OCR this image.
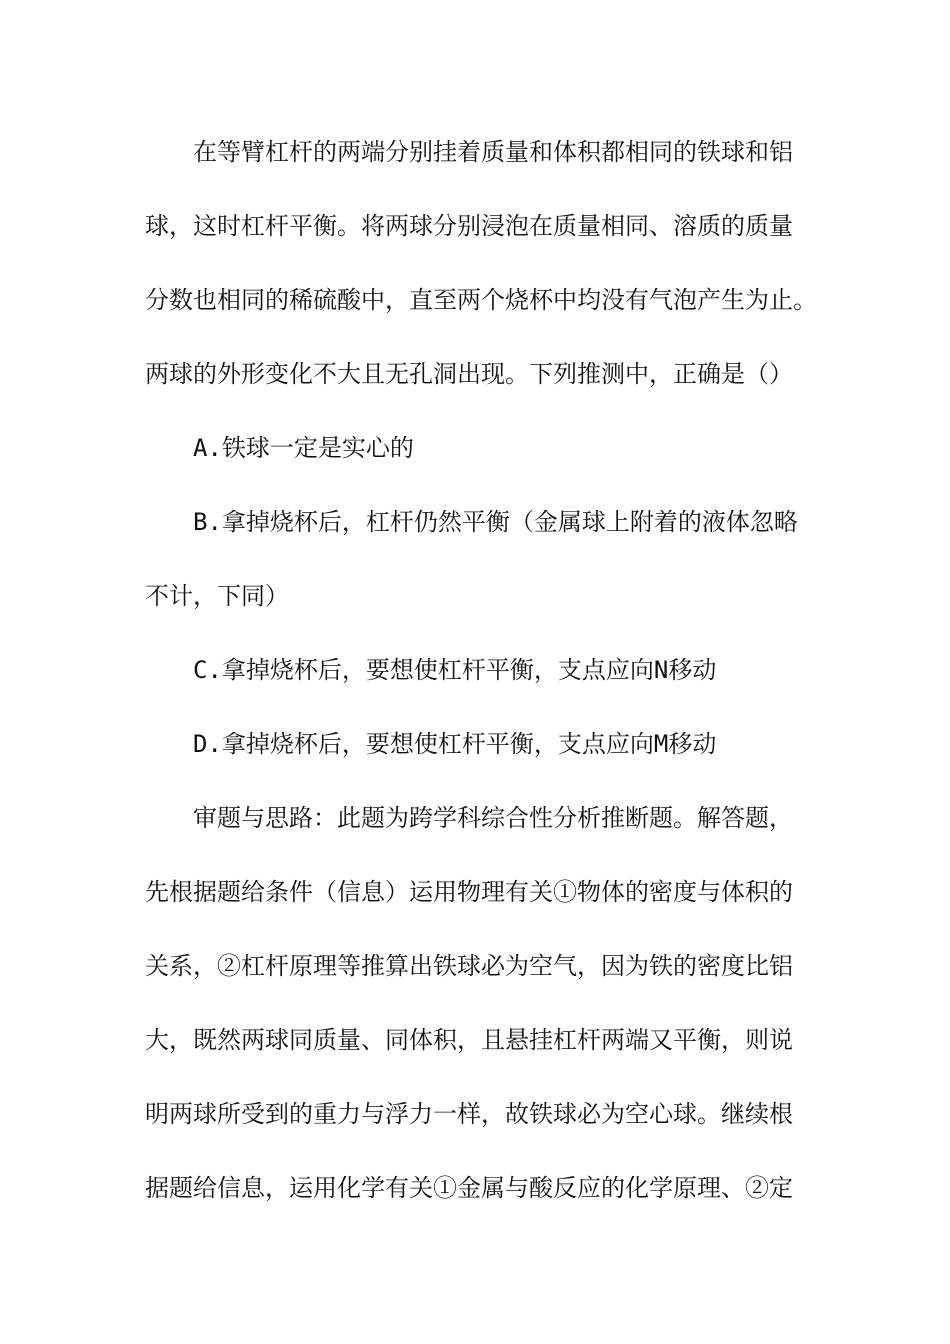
在等臂杠杆的两端分别挂着质量和体积都相同的铁球和铝
球，这时杠杆平衡。将两球分别浸泡在质量相同、溶质的质量
分数也相同的稀硫酸中，直至两个烧杯中均没有气泡产生为止。
两球的外形变化不大且无孔洞出现。下列推测中，正确是（）
A.铁球一定是实心的
B.拿掉烧杯后，杠杆仍然平衡（金属球上附着的液体忽略
不计，下同）
C.拿掉烧杯后，要想使杠杆平衡，支点应向N移动
D.拿掉烧杯后，要想使杠杆平衡，支点应向M移动
审题与思路：此题为跨学科综合性分析推断题。解答题，
先根据题给条件（信息）运用物理有关①物体的密度与体积的
关系，②杠杆原理等推算出铁球必为空气，因为铁的密度比铝
大，既然两球同质量、同体积，且悬挂杠杆两端又平衡，则说
明两球所受到的重力与浮力一样，故铁球必为空心球。继续根
据题给信息，运用化学有关①金属与酸反应的化学原理、②定
